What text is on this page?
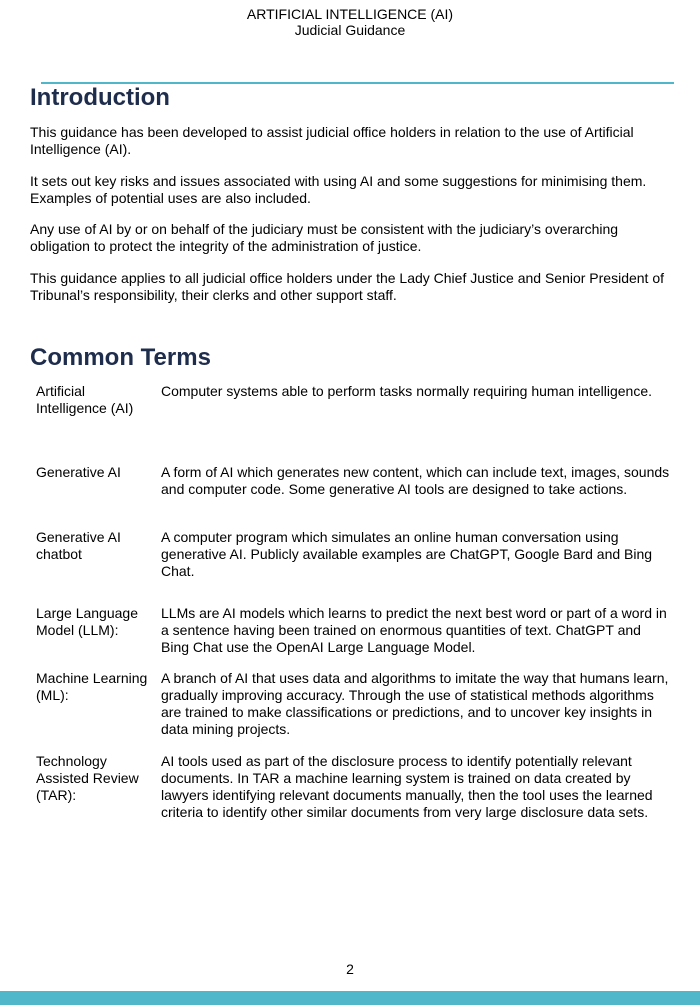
ARTIFICIAL INTELLIGENCE (AI)
Judicial Guidance
Introduction

This guidance has been developed to assist judicial office holders in relation to the use of Artificial Intelligence (AI).

It sets out key risks and issues associated with using AI and some suggestions for minimising them. Examples of potential uses are also included.

Any use of AI by or on behalf of the judiciary must be consistent with the judiciary’s overarching obligation to protect the integrity of the administration of justice.

This guidance applies to all judicial office holders under the Lady Chief Justice and Senior President of Tribunal’s responsibility, their clerks and other support staff.

Common Terms
Artificial Intelligence (AI)
Computer systems able to perform tasks normally requiring human intelligence.
Generative AI	A form of AI which generates new content, which can include text, images, sounds and computer code. Some generative AI tools are designed to take actions.
Generative AI chatbot
A computer program which simulates an online human conversation using generative AI. Publicly available examples are ChatGPT, Google Bard and Bing Chat.
Large Language Model (LLM):
LLMs are AI models which learns to predict the next best word or part of a word in a sentence having been trained on enormous quantities of text. ChatGPT and Bing Chat use the OpenAI Large Language Model.
Machine Learning (ML):
A branch of AI that uses data and algorithms to imitate the way that humans learn, gradually improving accuracy. Through the use of statistical methods algorithms are trained to make classifications or predictions, and to uncover key insights in data mining projects.
Technology Assisted Review (TAR):
AI tools used as part of the disclosure process to identify potentially relevant documents. In TAR a machine learning system is trained on data created by lawyers identifying relevant documents manually, then the tool uses the learned criteria to identify other similar documents from very large disclosure data sets.
2
